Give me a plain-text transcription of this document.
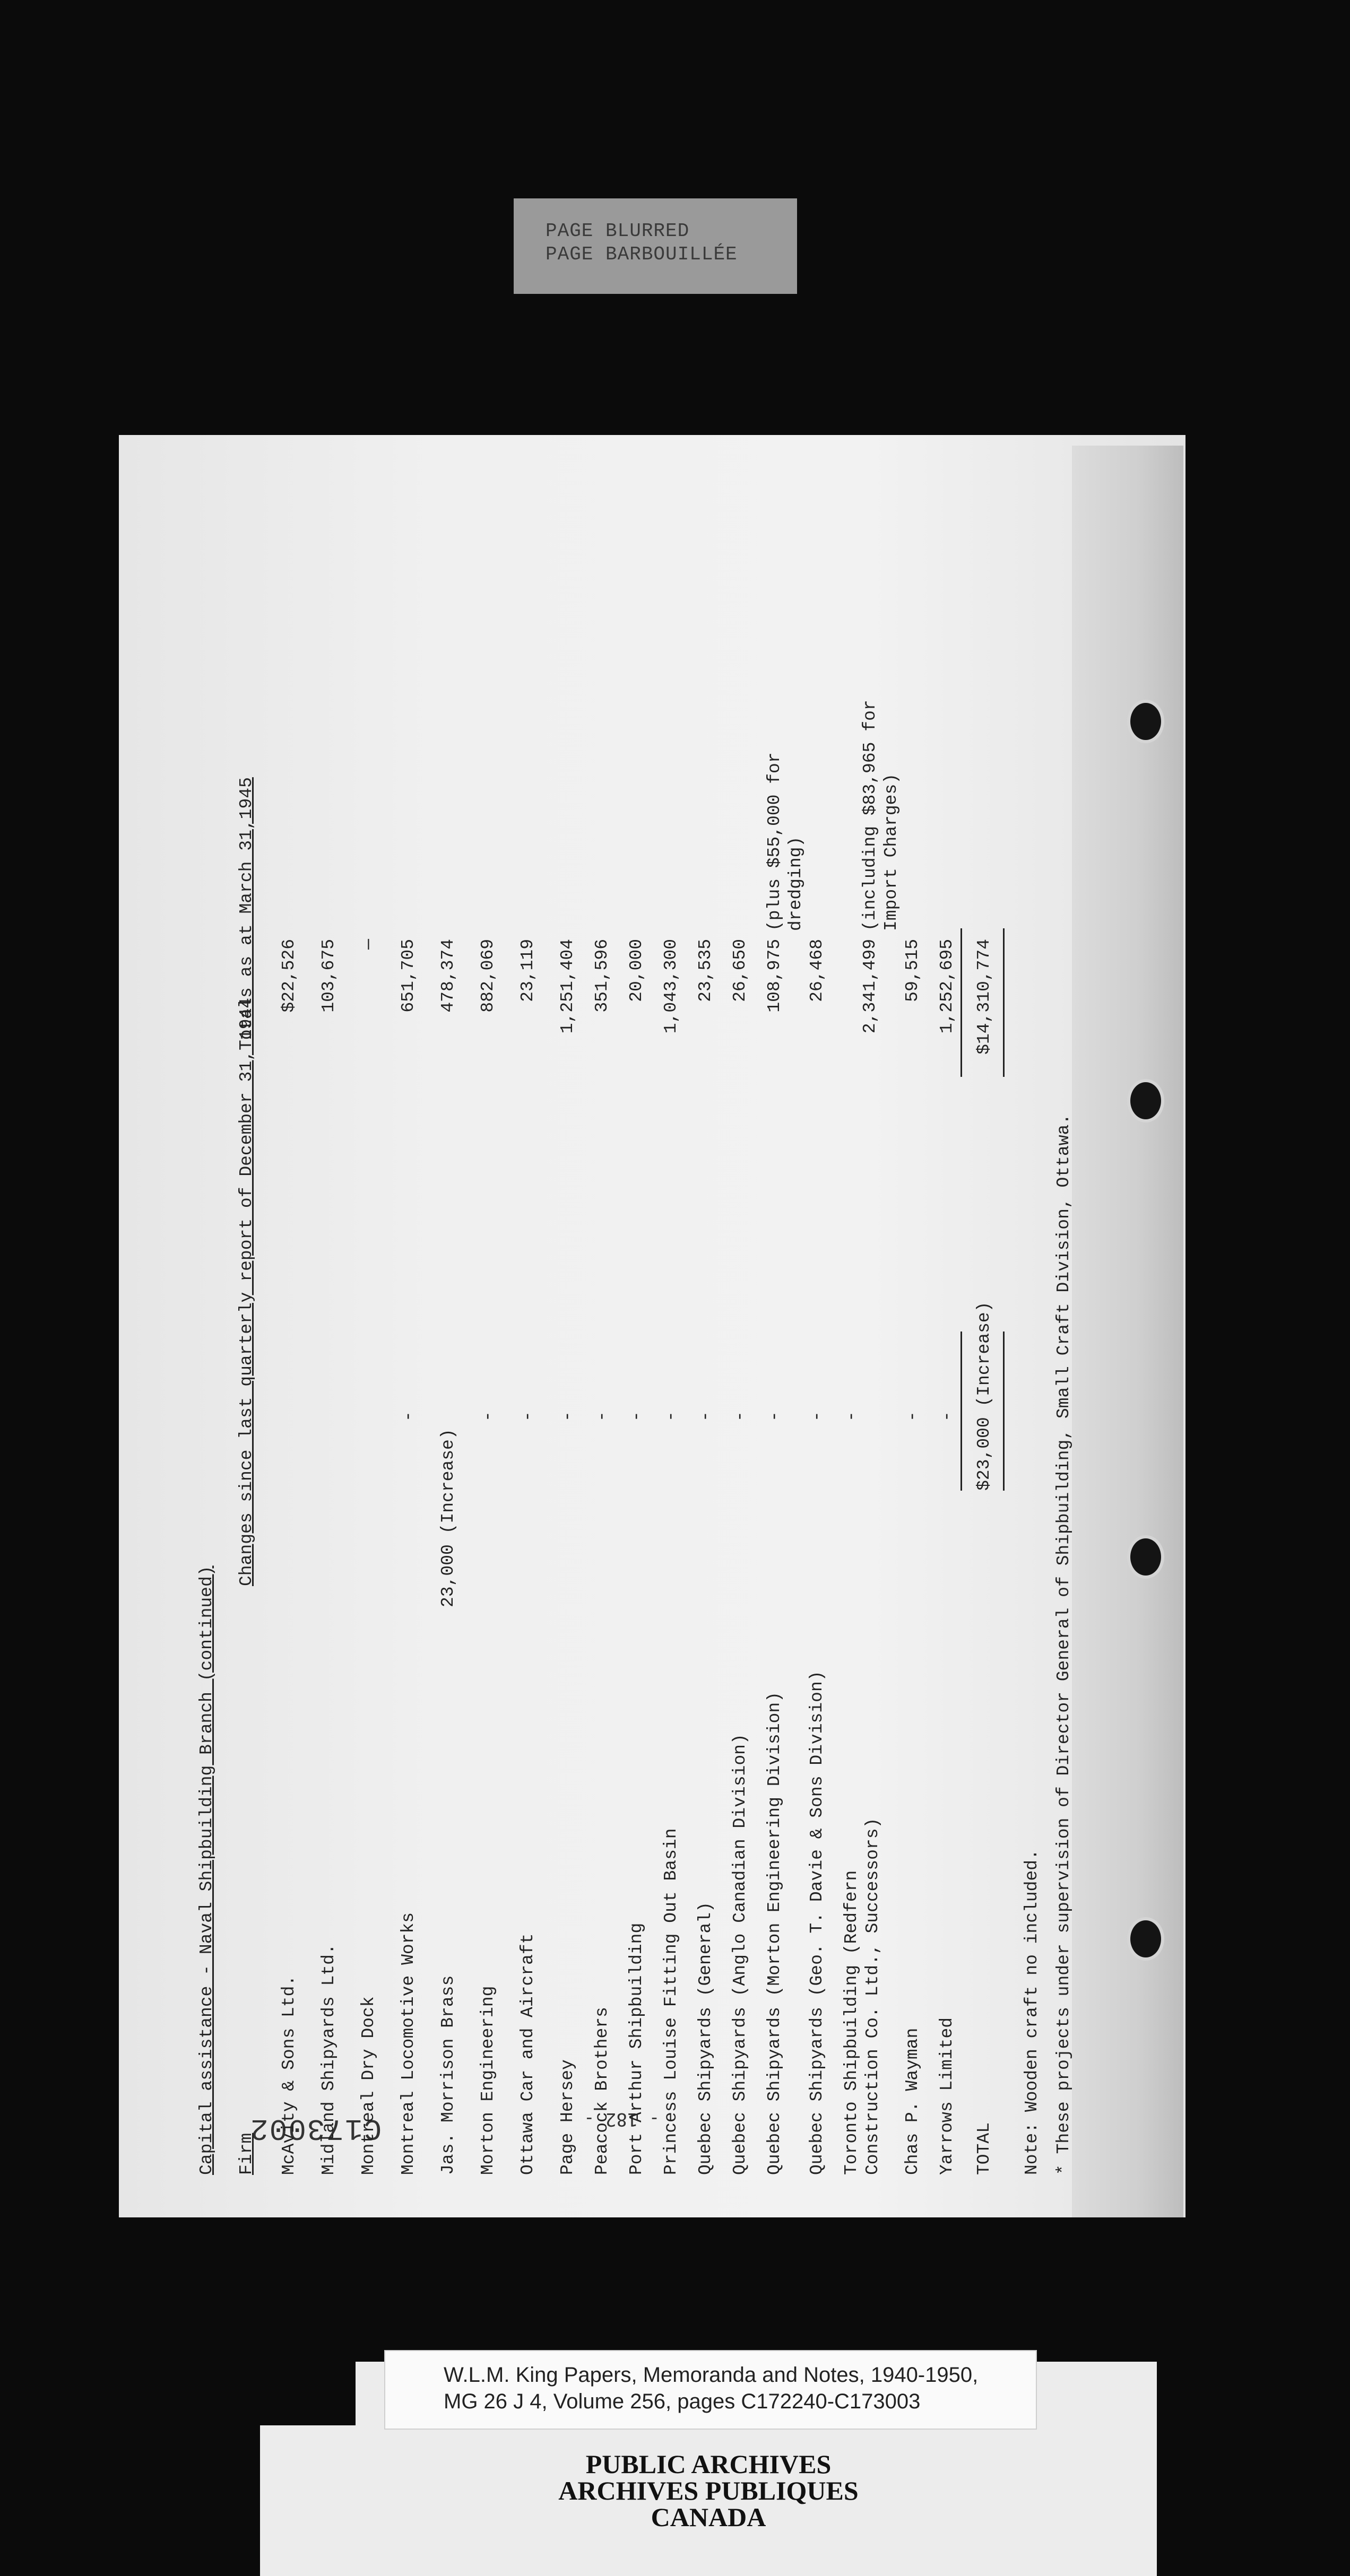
PAGE BLURRED
PAGE BARBOUILLÉE
C173002	- 182 -
Capital assistance - Naval Shipbuilding Branch (continued) Firm
Changes since last quarterly report of December 31, 1944
Totals as at March 31,1945
McAvity & Sons Ltd.
$22,526
Midland Shipyards Ltd.
103,675
Montreal Dry Dock
—
Montreal Locomotive Works
-
651,705
Jas. Morrison Brass
23,000 (Increase)
478,374
Morton Engineering
-
882,069
Ottawa Car and Aircraft
-
23,119
Page Hersey
-
1,251,404
Peacock Brothers
-
351,596
Port Arthur Shipbuilding
-
20,000
Princess Louise Fitting Out Basin
-
1,043,300
Quebec Shipyards (General)
-
23,535
Quebec Shipyards (Anglo Canadian Division)
-
26,650
Quebec Shipyards (Morton Engineering Division)
-
108,975
(plus $55,000 for dredging)
Quebec Shipyards (Geo. T. Davie & Sons Division)
-
26,468
Toronto Shipbuilding (Redfern Construction Co. Ltd., Successors)
-
2,341,499
(including $83,965 for Import Charges)
Chas P. Wayman
-
59,515
Yarrows Limited
-
1,252,695
TOTAL
$23,000 (Increase)
$14,310,774
Note: Wooden craft no included. * These projects under supervision of Director General of Shipbuilding, Small Craft Division, Ottawa.
W.L.M. King Papers, Memoranda and Notes, 1940-1950,
MG 26 J 4, Volume 256, pages C172240-C173003
PUBLIC ARCHIVES
ARCHIVES PUBLIQUES
CANADA
